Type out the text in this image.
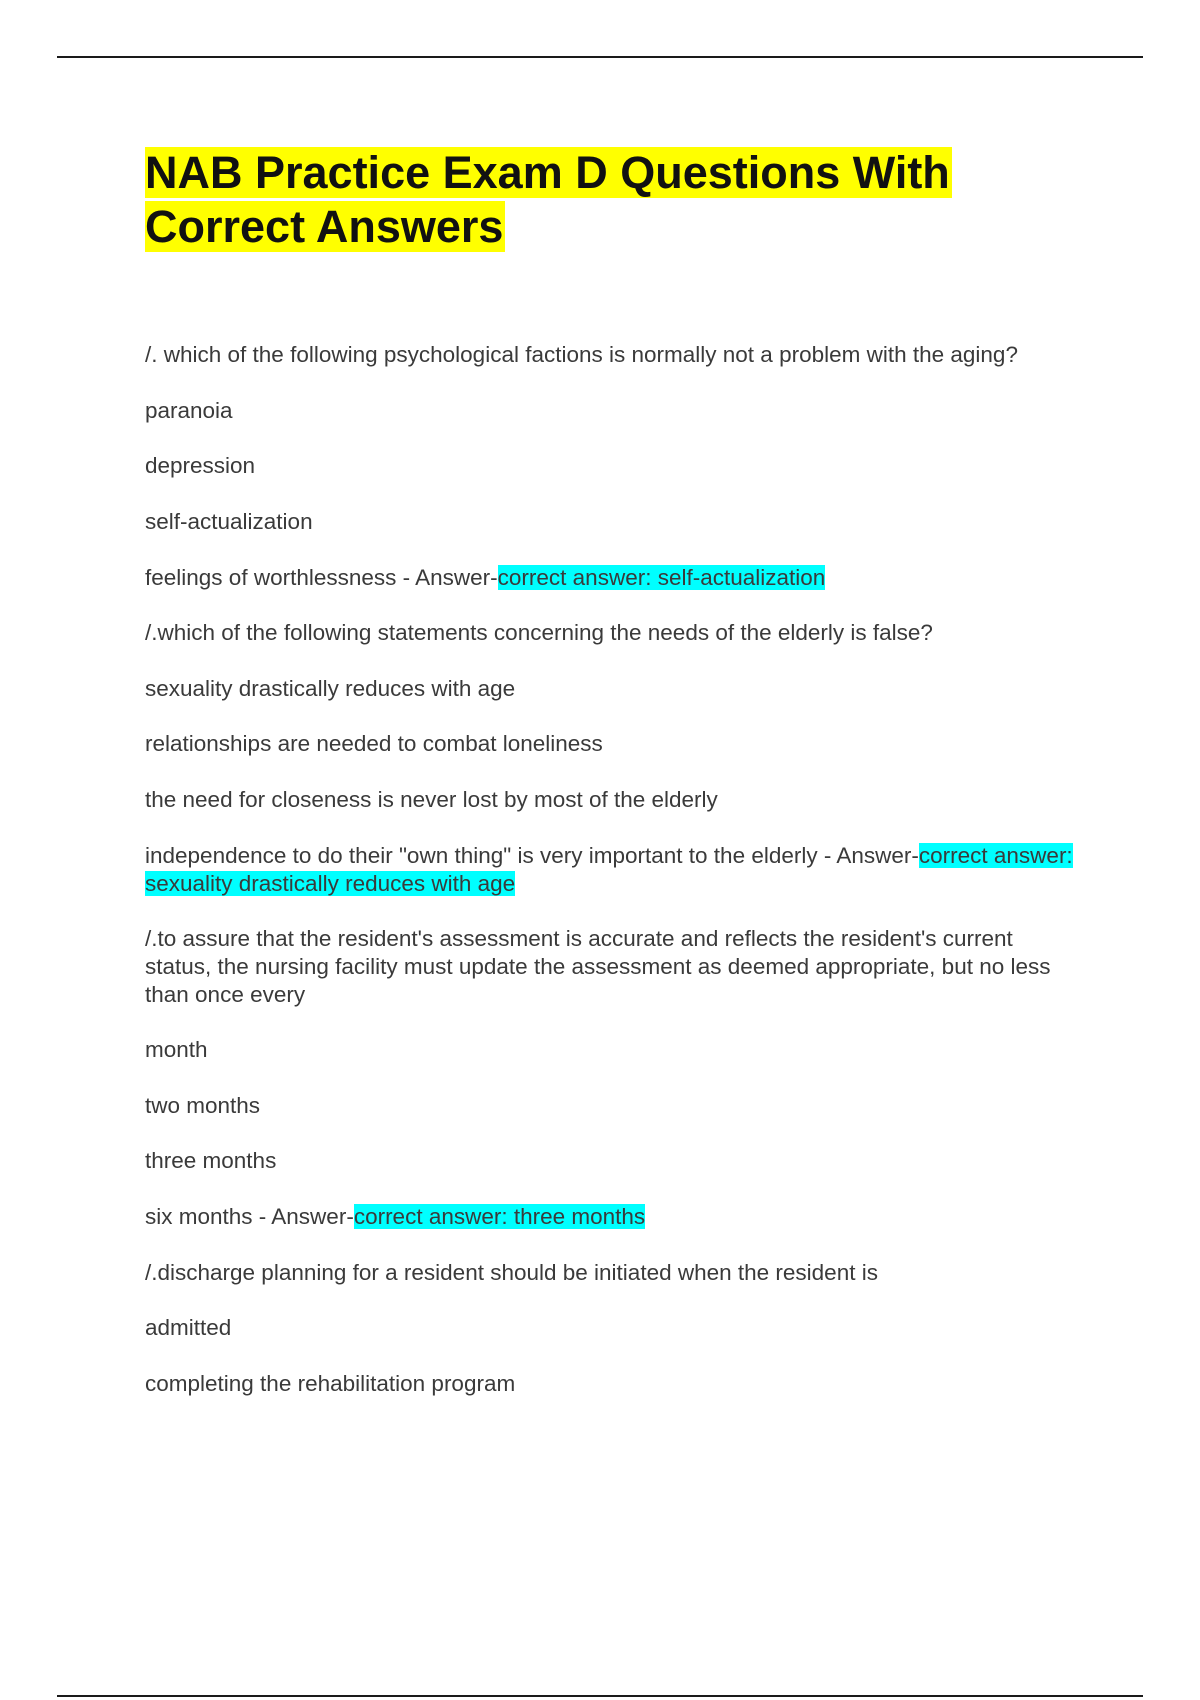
NAB Practice Exam D Questions With Correct Answers
/. which of the following psychological factions is normally not a problem with the aging?
paranoia
depression
self-actualization
feelings of worthlessness - Answer-correct answer: self-actualization
/.which of the following statements concerning the needs of the elderly is false?
sexuality drastically reduces with age
relationships are needed to combat loneliness
the need for closeness is never lost by most of the elderly
independence to do their "own thing" is very important to the elderly - Answer-correct answer: sexuality drastically reduces with age
/.to assure that the resident's assessment is accurate and reflects the resident's current status, the nursing facility must update the assessment as deemed appropriate, but no less than once every
month
two months
three months
six months - Answer-correct answer: three months
/.discharge planning for a resident should be initiated when the resident is
admitted
completing the rehabilitation program
